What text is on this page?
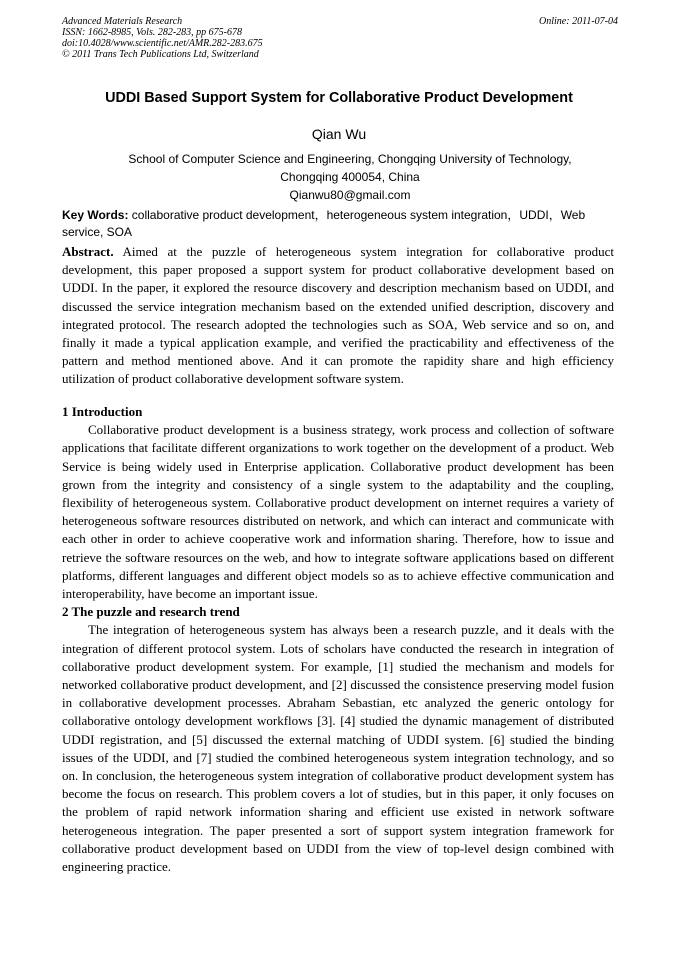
Advanced Materials Research
ISSN: 1662-8985, Vols. 282-283, pp 675-678
doi:10.4028/www.scientific.net/AMR.282-283.675
© 2011 Trans Tech Publications Ltd, Switzerland
Online: 2011-07-04
UDDI Based Support System for Collaborative Product Development
Qian Wu
School of Computer Science and Engineering, Chongqing University of Technology,
Chongqing 400054, China
Qianwu80@gmail.com
Key Words: collaborative product development，heterogeneous system integration，UDDI，Web service, SOA

Abstract. Aimed at the puzzle of heterogeneous system integration for collaborative product development, this paper proposed a support system for product collaborative development based on UDDI. In the paper, it explored the resource discovery and description mechanism based on UDDI, and discussed the service integration mechanism based on the extended unified description, discovery and integrated protocol. The research adopted the technologies such as SOA, Web service and so on, and finally it made a typical application example, and verified the practicability and effectiveness of the pattern and method mentioned above. And it can promote the rapidity share and high efficiency utilization of product collaborative development software system.

1 Introduction

Collaborative product development is a business strategy, work process and collection of software applications that facilitate different organizations to work together on the development of a product. Web Service is being widely used in Enterprise application. Collaborative product development has been grown from the integrity and consistency of a single system to the adaptability and the coupling, flexibility of heterogeneous system. Collaborative product development on internet requires a variety of heterogeneous software resources distributed on network, and which can interact and communicate with each other in order to achieve cooperative work and information sharing. Therefore, how to issue and retrieve the software resources on the web, and how to integrate software applications based on different platforms, different languages and different object models so as to achieve effective communication and interoperability, have become an important issue.

2 The puzzle and research trend

The integration of heterogeneous system has always been a research puzzle, and it deals with the integration of different protocol system. Lots of scholars have conducted the research in integration of collaborative product development system. For example, [1] studied the mechanism and models for networked collaborative product development, and [2] discussed the consistence preserving model fusion in collaborative development processes. Abraham Sebastian, etc analyzed the generic ontology for collaborative ontology development workflows [3]. [4] studied the dynamic management of distributed UDDI registration, and [5] discussed the external matching of UDDI system. [6] studied the binding issues of the UDDI, and [7] studied the combined heterogeneous system integration technology, and so on. In conclusion, the heterogeneous system integration of collaborative product development system has become the focus on research. This problem covers a lot of studies, but in this paper, it only focuses on the problem of rapid network information sharing and efficient use existed in network software heterogeneous integration. The paper presented a sort of support system integration framework for collaborative product development based on UDDI from the view of top-level design combined with engineering practice.
